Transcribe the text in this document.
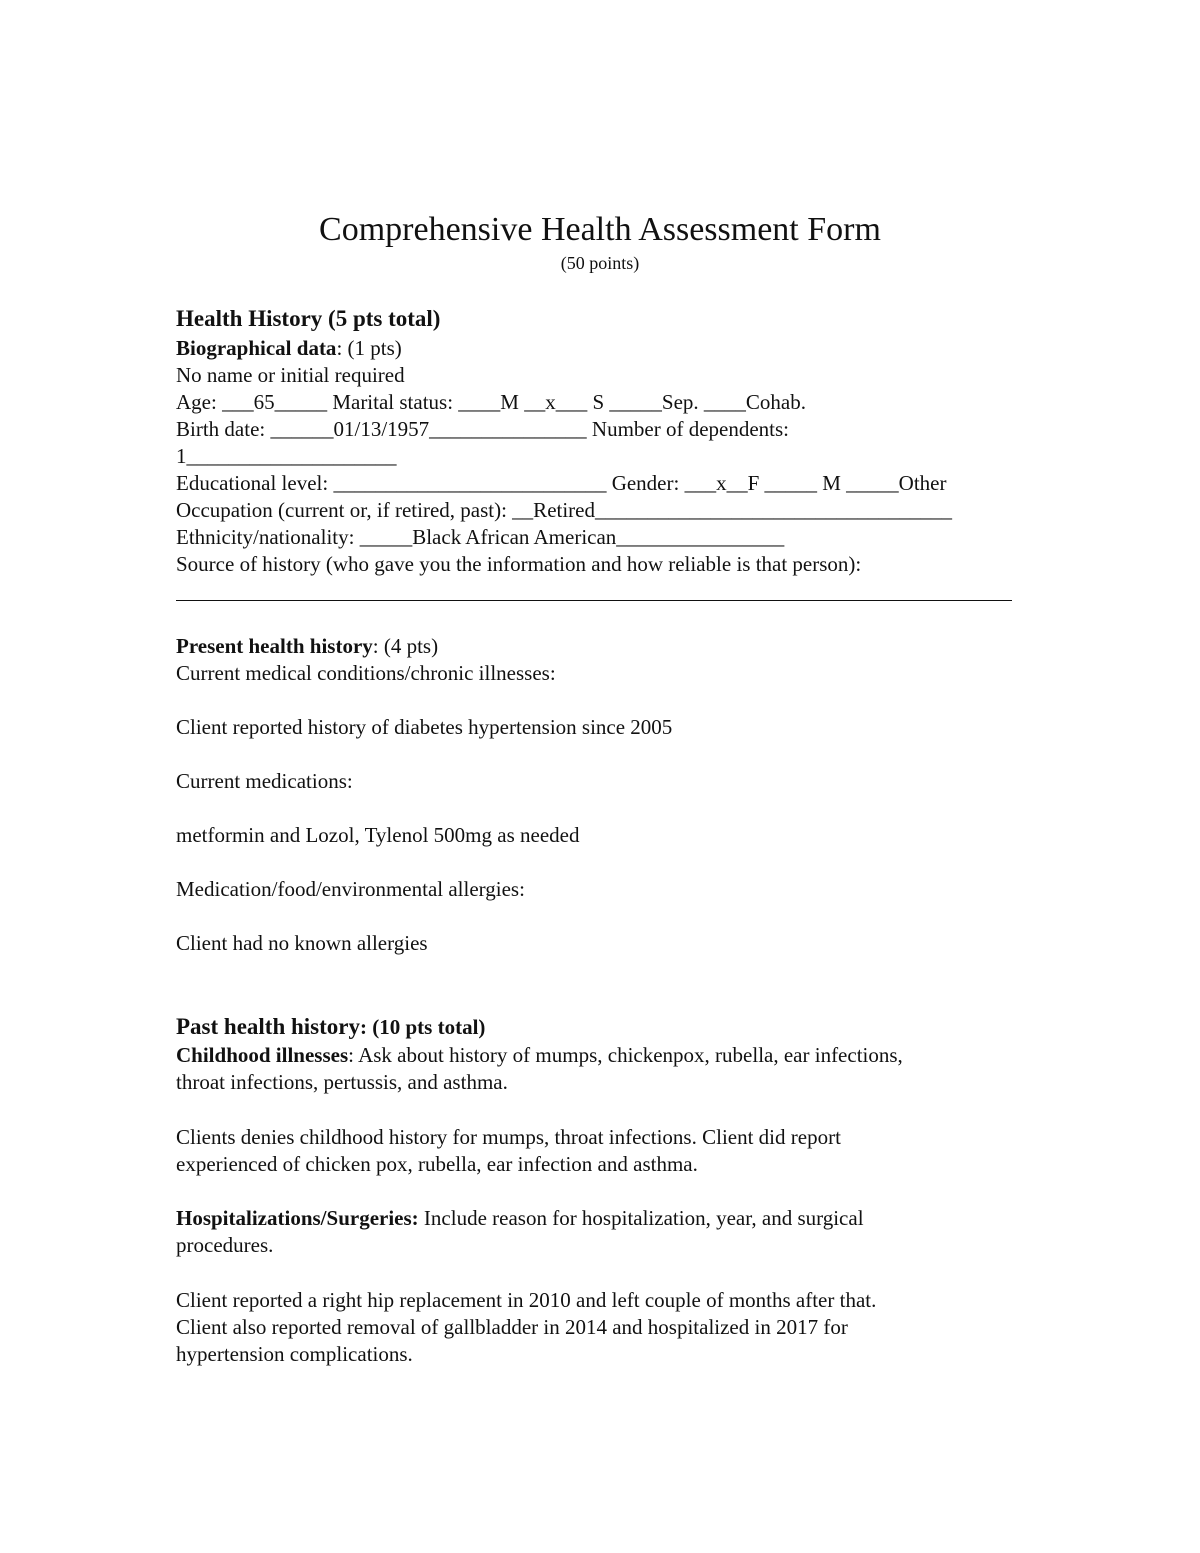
Comprehensive Health Assessment Form
(50 points)
Health History (5 pts total)
Biographical data: (1 pts)
No name or initial required
Age: ___65_____ Marital status: ____M __x___ S _____Sep. ____Cohab.
Birth date: ______01/13/1957_______________ Number of dependents:
1____________________
Educational level: __________________________ Gender: ___x__F _____ M _____Other
Occupation (current or, if retired, past): __Retired__________________________________
Ethnicity/nationality: _____Black African American________________
Source of history (who gave you the information and how reliable is that person):
Present health history: (4 pts)
Current medical conditions/chronic illnesses:
Client reported history of diabetes hypertension since 2005
Current medications:
metformin and Lozol, Tylenol 500mg as needed
Medication/food/environmental allergies:
Client had no known allergies
Past health history: (10 pts total)
Childhood illnesses: Ask about history of mumps, chickenpox, rubella, ear infections,
throat infections, pertussis, and asthma.
Clients denies childhood history for mumps, throat infections. Client did report
experienced of chicken pox, rubella, ear infection and asthma.
Hospitalizations/Surgeries: Include reason for hospitalization, year, and surgical
procedures.
Client reported a right hip replacement in 2010 and left couple of months after that.
Client also reported removal of gallbladder in 2014 and hospitalized in 2017 for
hypertension complications.
